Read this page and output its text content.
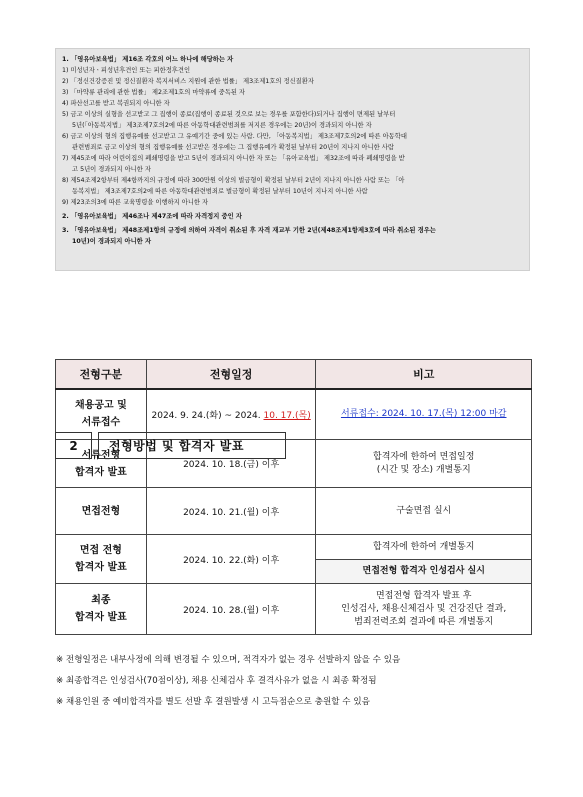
1. 「영유아보육법」 제16조 각호의 어느 하나에 해당하는 자
1) 미성년자ㆍ피성년후견인 또는 피한정후견인
2) 「정신건강증진 및 정신질환자 복지서비스 지원에 관한 법률」 제3조제1호의 정신질환자
3) 「마약류 관리에 관한 법률」 제2조제1호의 마약류에 중독된 자
4) 파산선고를 받고 복권되지 아니한 자
5) 금고 이상의 실형을 선고받고 그 집행이 종료(집행이 종료된 것으로 보는 경우를 포함한다)되거나 집행이 면제된 날부터
5년(「아동복지법」 제3조제7호의2에 따른 아동학대관련범죄를 저지른 경우에는 20년)이 경과되지 아니한 자
6) 금고 이상의 형의 집행유예를 선고받고 그 유예기간 중에 있는 사람. 다만, 「아동복지법」 제3조제7호의2에 따른 아동학대
관련범죄로 금고 이상의 형의 집행유예를 선고받은 경우에는 그 집행유예가 확정된 날부터 20년이 지나지 아니한 사람
7) 제45조에 따라 어린이집의 폐쇄명령을 받고 5년이 경과되지 아니한 자 또는 「유아교육법」 제32조에 따라 폐쇄명령을 받
고 5년이 경과되지 아니한 자
8) 제54조제2항부터 제4항까지의 규정에 따라 300만원 이상의 벌금형이 확정된 날부터 2년이 지나지 아니한 사람 또는 「아
동복지법」 제3조제7호의2에 따른 아동학대관련범죄로 벌금형이 확정된 날부터 10년이 지나지 아니한 사람
9) 제23조의3에 따른 교육명령을 이행하지 아니한 자
2. 「영유아보육법」 제46조나 제47조에 따라 자격정지 중인 자
3. 「영유아보육법」 제48조제1항의 규정에 의하여 자격이 취소된 후 자격 재교부 기한 2년(제48조제1항제3호에 따라 취소된 경우는
10년)이 경과되지 아니한 자
전형구분	전형일정	비고
채용공고 및
서류접수	2024. 9. 24.(화) ~ 2024. 10. 17.(목)	서류접수: 2024. 10. 17.(목) 12:00 마감
서류전형
합격자 발표	2024. 10. 18.(금) 이후	합격자에 한하여 면접일정
(시간 및 장소) 개별통지
면접전형	2024. 10. 21.(월) 이후	구술면접 실시
면접 전형
합격자 발표	2024. 10. 22.(화) 이후	합격자에 한하여 개별통지
		면접전형 합격자 인성검사 실시
최종
합격자 발표	2024. 10. 28.(월) 이후	면접전형 합격자 발표 후
인성검사, 채용신체검사 및 건강진단 결과,
범죄전력조회 결과에 따른 개별통지
2	전형방법 및 합격자 발표
※ 전형일정은 내부사정에 의해 변경될 수 있으며, 적격자가 없는 경우 선발하지 않을 수 있음
※ 최종합격은 인성검사(70점이상), 채용 신체검사 후 결격사유가 없을 시 최종 확정됨
※ 채용인원 중 예비합격자를 별도 선발 후 결원발생 시 고득점순으로 충원할 수 있음
